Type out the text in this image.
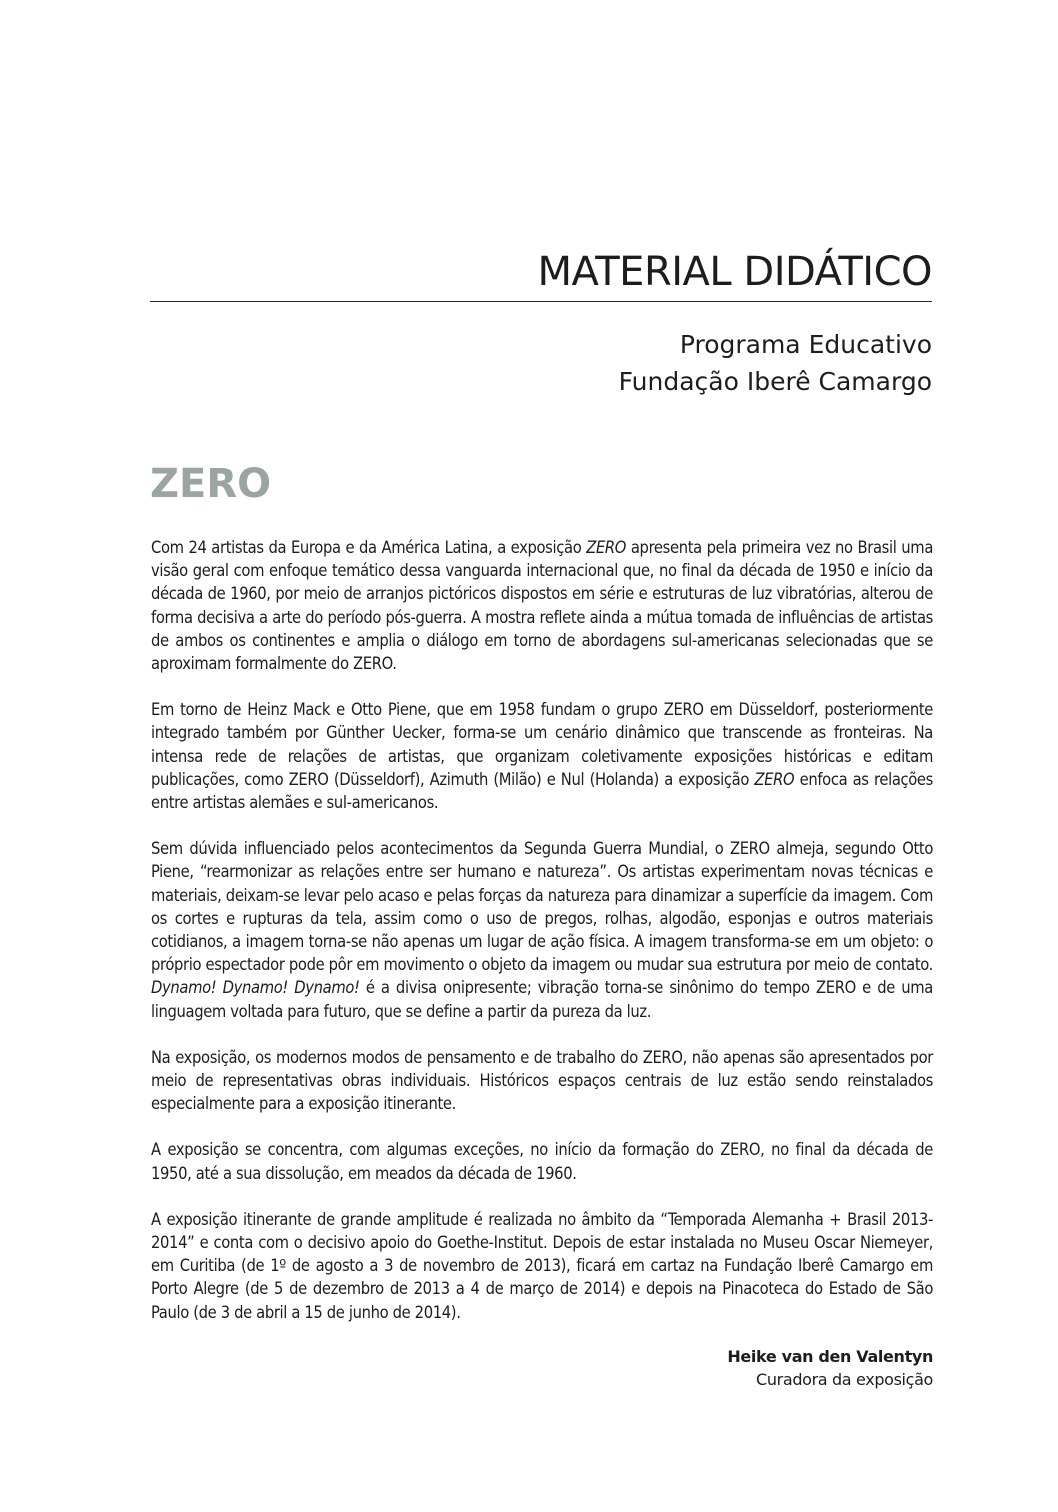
MATERIAL DIDÁTICO
Programa Educativo
Fundação Iberê Camargo
ZERO

Com 24 artistas da Europa e da América Latina, a exposição ZERO apresenta pela primeira vez no Brasil uma visão geral com enfoque temático dessa vanguarda internacional que, no final da década de 1950 e início da década de 1960, por meio de arranjos pictóricos dispostos em série e estruturas de luz vibratórias, alterou de forma decisiva a arte do período pós-guerra. A mostra reflete ainda a mútua tomada de influências de artistas de ambos os continentes e amplia o diálogo em torno de abordagens sul-americanas selecionadas que se aproximam formalmente do ZERO.

Em torno de Heinz Mack e Otto Piene, que em 1958 fundam o grupo ZERO em Düsseldorf, posteriormente integrado também por Günther Uecker, forma-se um cenário dinâmico que transcende as fronteiras. Na intensa rede de relações de artistas, que organizam coletivamente exposições históricas e editam publicações, como ZERO (Düsseldorf), Azimuth (Milão) e Nul (Holanda) a exposição ZERO enfoca as relações entre artistas alemães e sul-americanos.

Sem dúvida influenciado pelos acontecimentos da Segunda Guerra Mundial, o ZERO almeja, segundo Otto Piene, “rearmonizar as relações entre ser humano e natureza”. Os artistas experimentam novas técnicas e materiais, deixam-se levar pelo acaso e pelas forças da natureza para dinamizar a superfície da imagem. Com os cortes e rupturas da tela, assim como o uso de pregos, rolhas, algodão, esponjas e outros materiais cotidianos, a imagem torna-se não apenas um lugar de ação física. A imagem transforma-se em um objeto: o próprio espectador pode pôr em movimento o objeto da imagem ou mudar sua estrutura por meio de contato. Dynamo! Dynamo! Dynamo! é a divisa onipresente; vibração torna-se sinônimo do tempo ZERO e de uma linguagem voltada para futuro, que se define a partir da pureza da luz.

Na exposição, os modernos modos de pensamento e de trabalho do ZERO, não apenas são apresentados por meio de representativas obras individuais. Históricos espaços centrais de luz estão sendo reinstalados especialmente para a exposição itinerante.

A exposição se concentra, com algumas exceções, no início da formação do ZERO, no final da década de 1950, até a sua dissolução, em meados da década de 1960.

A exposição itinerante de grande amplitude é realizada no âmbito da “Temporada Alemanha + Brasil 2013-2014” e conta com o decisivo apoio do Goethe-Institut. Depois de estar instalada no Museu Oscar Niemeyer, em Curitiba (de 1º de agosto a 3 de novembro de 2013), ficará em cartaz na Fundação Iberê Camargo em Porto Alegre (de 5 de dezembro de 2013 a 4 de março de 2014) e depois na Pinacoteca do Estado de São Paulo (de 3 de abril a 15 de junho de 2014).

Heike van den Valentyn
Curadora da exposição
